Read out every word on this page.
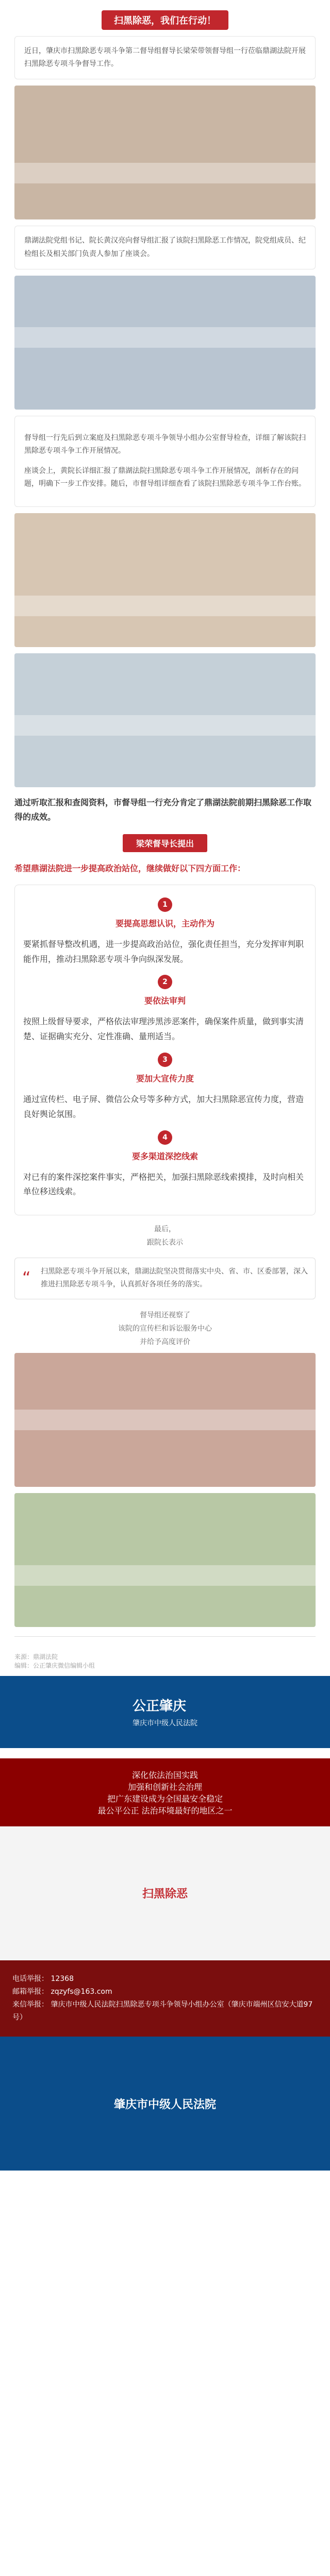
扫黑除恶，我们在行动！
近日，肇庆市扫黑除恶专项斗争第二督导组督导长梁荣带领督导组一行莅临鼎湖法院开展扫黑除恶专项斗争督导工作。
鼎湖法院党组书记、院长黄汉亮向督导组汇报了该院扫黑除恶工作情况，院党组成员、纪检组长及相关部门负责人参加了座谈会。

督导组一行先后到立案庭及扫黑除恶专项斗争领导小组办公室督导检查，详细了解该院扫黑除恶专项斗争工作开展情况。

座谈会上，黄院长详细汇报了鼎湖法院扫黑除恶专项斗争工作开展情况，剖析存在的问题，明确下一步工作安排。随后，市督导组详细查看了该院扫黑除恶专项斗争工作台账。

通过听取汇报和查阅资料，市督导组一行充分肯定了鼎湖法院前期扫黑除恶工作取得的成效。

梁荣督导长提出

希望鼎湖法院进一步提高政治站位，继续做好以下四方面工作：

1
要提高思想认识，主动作为

要紧抓督导整改机遇，进一步提高政治站位，强化责任担当，充分发挥审判职能作用，推动扫黑除恶专项斗争向纵深发展。

2
要依法审判

按照上级督导要求，严格依法审理涉黑涉恶案件，确保案件质量，做到事实清楚、证据确实充分、定性准确、量刑适当。

3
要加大宣传力度

通过宣传栏、电子屏、微信公众号等多种方式，加大扫黑除恶宣传力度，营造良好舆论氛围。

4
要多渠道深挖线索

对已有的案件深挖案件事实，严格把关，加强扫黑除恶线索摸排，及时向相关单位移送线索。

最后，
跟院长表示
“ 扫黑除恶专项斗争开展以来，鼎湖法院坚决贯彻落实中央、省、市、区委部署，深入推进扫黑除恶专项斗争，认真抓好各项任务的落实。
督导组还视察了
该院的宣传栏和诉讼服务中心
并给予高度评价
来源：鼎湖法院
编辑：公正肇庆微信编辑小组
公正肇庆
肇庆市中级人民法院
深化依法治国实践
加强和创新社会治理
把广东建设成为全国最安全稳定
最公平公正 法治环境最好的地区之一
扫黑除恶
电话举报： 12368
邮箱举报： zqzyfs@163.com
来信举报： 肇庆市中级人民法院扫黑除恶专项斗争领导小组办公室（肇庆市端州区信安大道97号）
肇庆市中级人民法院
